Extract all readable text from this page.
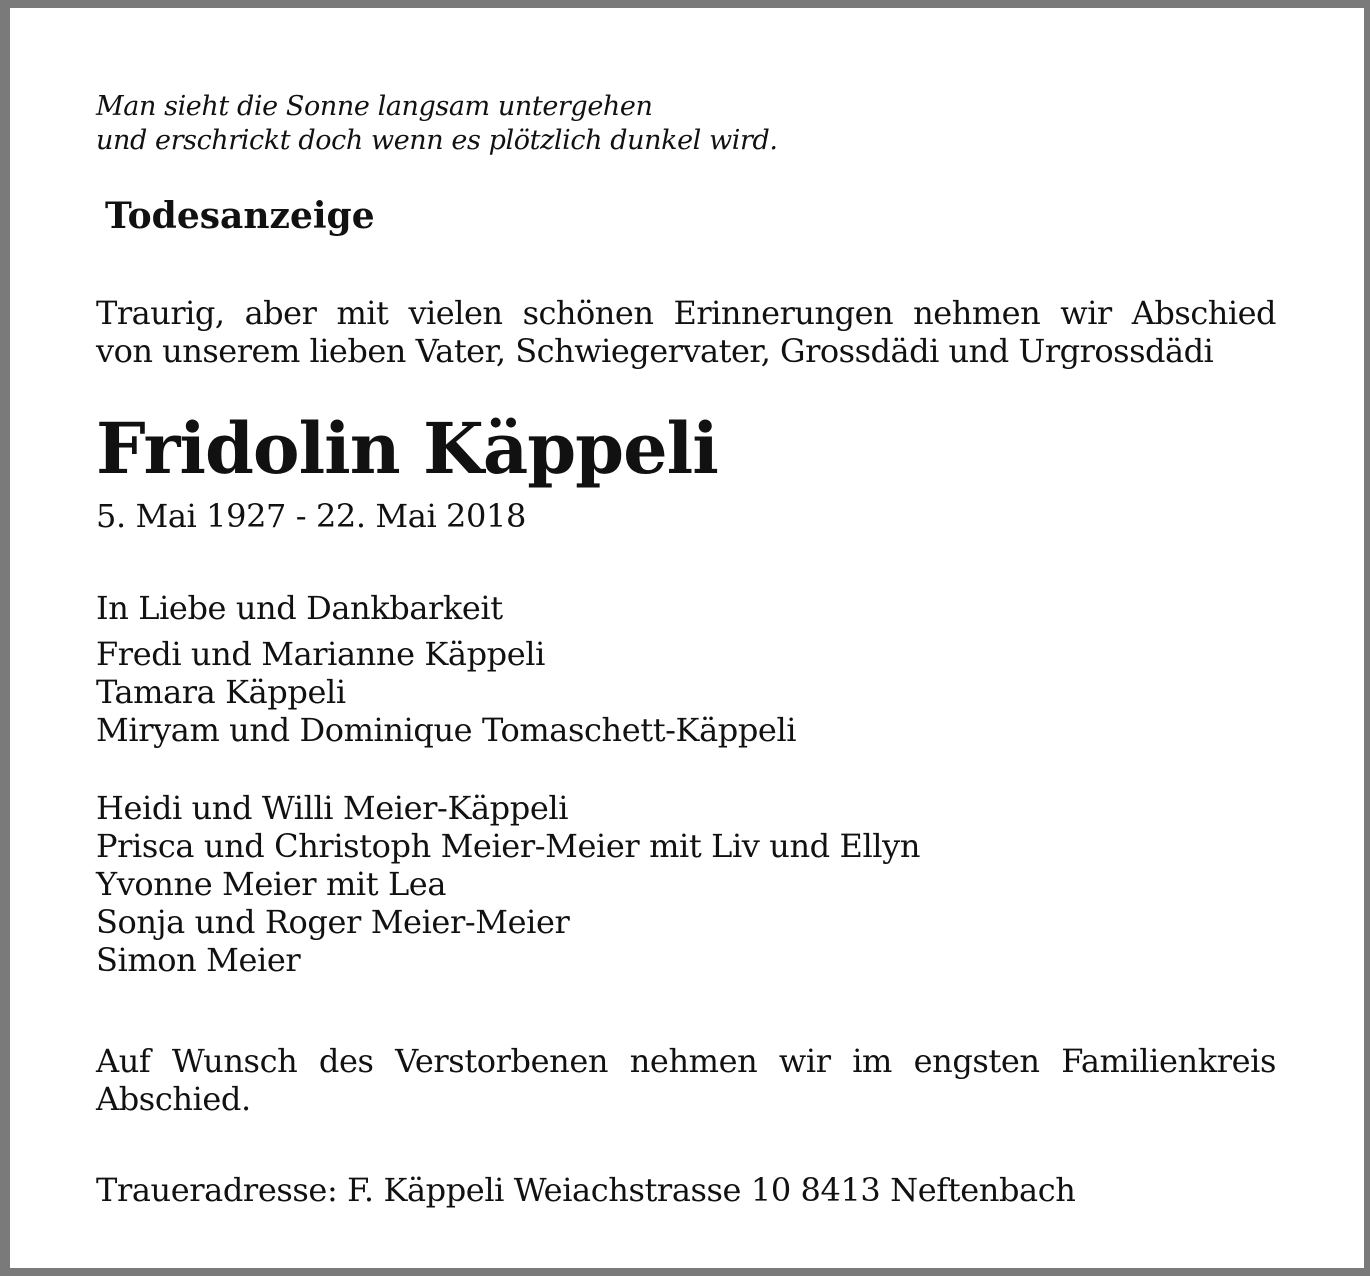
Man sieht die Sonne langsam untergehen
und erschrickt doch wenn es plötzlich dunkel wird.
Todesanzeige
Traurig, aber mit vielen schönen Erinnerungen nehmen wir Abschied
von unserem lieben Vater, Schwiegervater, Grossdädi und Urgrossdädi
Fridolin Käppeli
5. Mai 1927 - 22. Mai 2018
In Liebe und Dankbarkeit
Fredi und Marianne Käppeli
Tamara Käppeli
Miryam und Dominique Tomaschett-Käppeli
Heidi und Willi Meier-Käppeli
Prisca und Christoph Meier-Meier mit Liv und Ellyn
Yvonne Meier mit Lea
Sonja und Roger Meier-Meier
Simon Meier
Auf Wunsch des Verstorbenen nehmen wir im engsten Familienkreis
Abschied.
Traueradresse: F. Käppeli Weiachstrasse 10 8413 Neftenbach
